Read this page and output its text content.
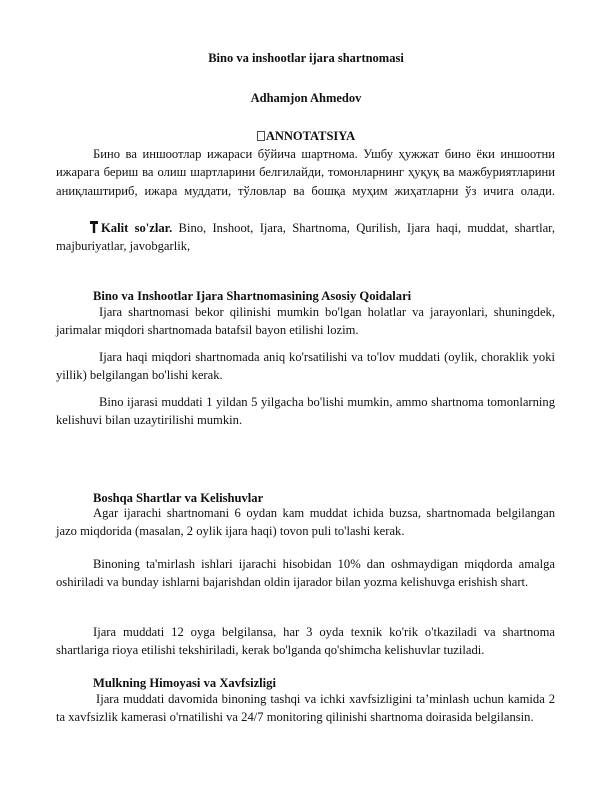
Bino va inshootlar ijara shartnomasi
Adhamjon Ahmedov
ANNOTATSIYA
Бино ва иншоотлар ижараси бўйича шартнома. Ушбу ҳужжат бино ёки иншоотни ижарага бериш ва олиш шартларини белгилайди, томонларнинг ҳуқуқ ва мажбуриятларини аниқлаштириб, ижара муддати, тўловлар ва бошқа муҳим жиҳатларни ўз ичига олади.
Kalit so'zlar. Bino, Inshoot, Ijara, Shartnoma, Qurilish, Ijara haqi, muddat, shartlar, majburiyatlar, javobgarlik,
Bino va Inshootlar Ijara Shartnomasining Asosiy Qoidalari
Ijara shartnomasi bekor qilinishi mumkin bo'lgan holatlar va jarayonlari, shuningdek, jarimalar miqdori shartnomada batafsil bayon etilishi lozim.
Ijara haqi miqdori shartnomada aniq ko'rsatilishi va to'lov muddati (oylik, choraklik yoki yillik) belgilangan bo'lishi kerak.
Bino ijarasi muddati 1 yildan 5 yilgacha bo'lishi mumkin, ammo shartnoma tomonlarning kelishuvi bilan uzaytirilishi mumkin.
Boshqa Shartlar va Kelishuvlar
Agar ijarachi shartnomani 6 oydan kam muddat ichida buzsa, shartnomada belgilangan jazo miqdorida (masalan, 2 oylik ijara haqi) tovon puli to'lashi kerak.
Binoning ta'mirlash ishlari ijarachi hisobidan 10% dan oshmaydigan miqdorda amalga oshiriladi va bunday ishlarni bajarishdan oldin ijarador bilan yozma kelishuvga erishish shart.
Ijara muddati 12 oyga belgilansa, har 3 oyda texnik ko'rik o'tkaziladi va shartnoma shartlariga rioya etilishi tekshiriladi, kerak bo'lganda qo'shimcha kelishuvlar tuziladi.
Mulkning Himoyasi va Xavfsizligi
Ijara muddati davomida binoning tashqi va ichki xavfsizligini ta’minlash uchun kamida 2 ta xavfsizlik kamerasi o'rnatilishi va 24/7 monitoring qilinishi shartnoma doirasida belgilansin.
